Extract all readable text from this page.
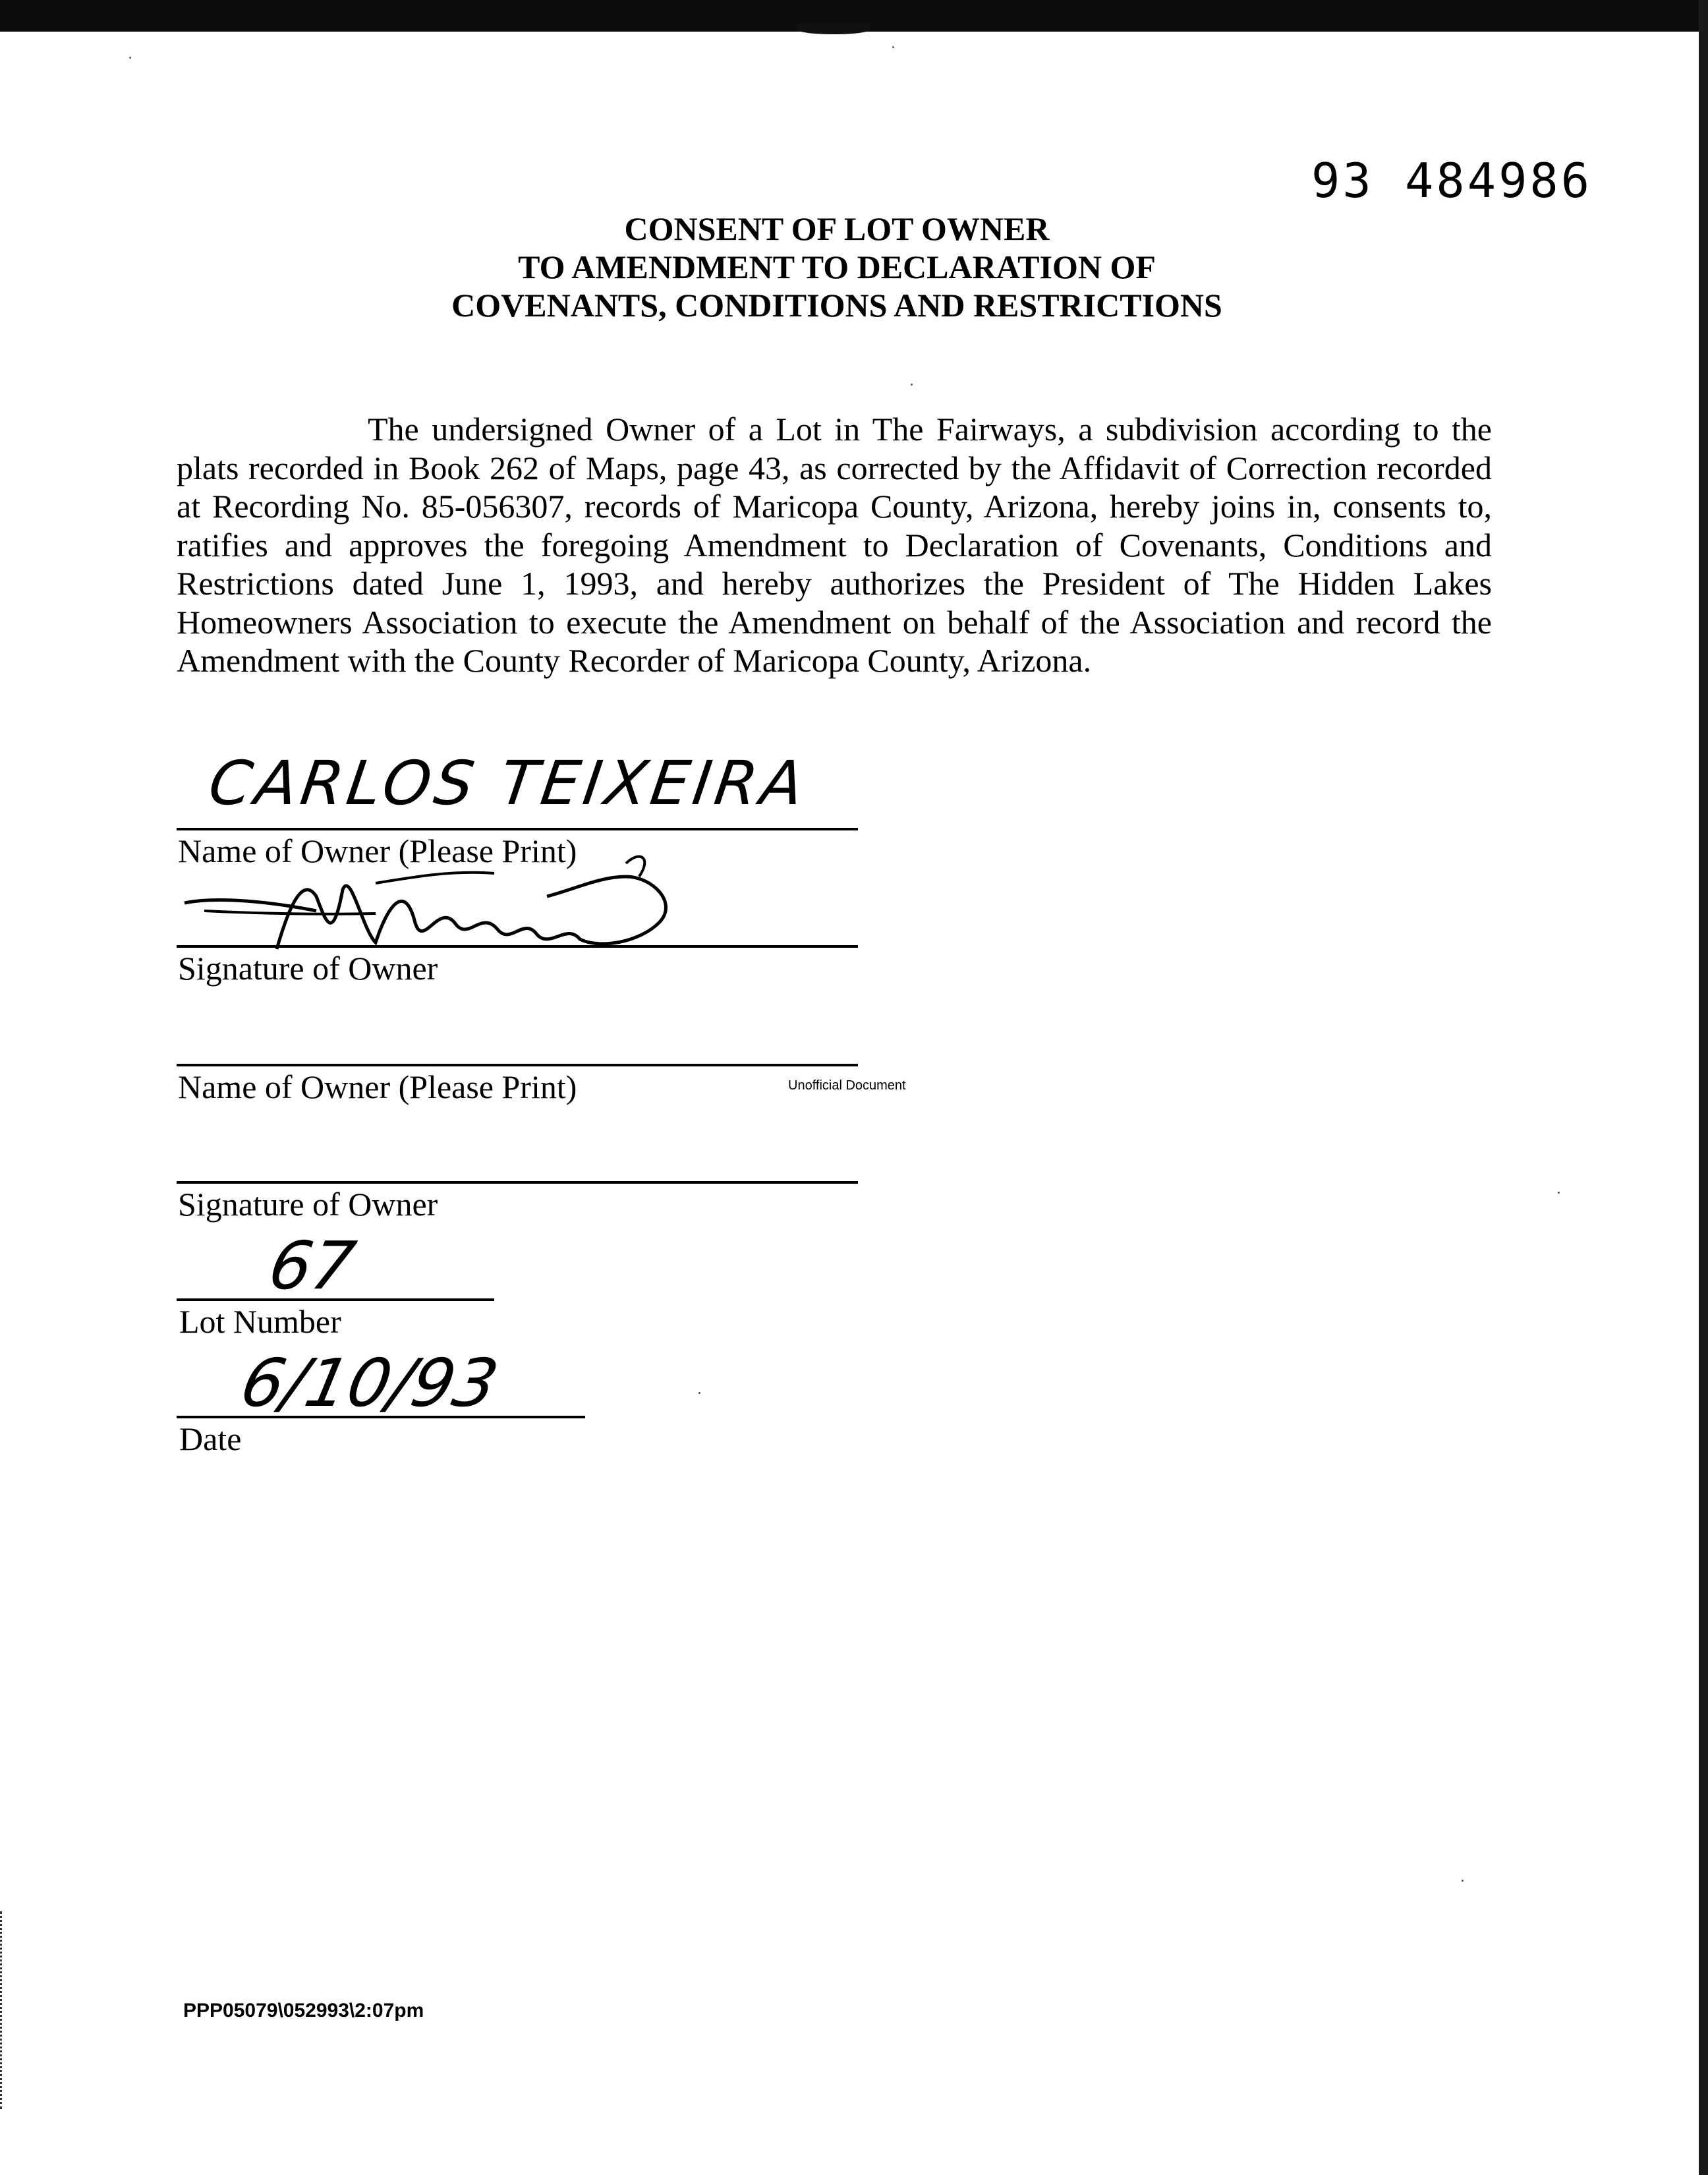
93 484986
CONSENT OF LOT OWNER
TO AMENDMENT TO DECLARATION OF
COVENANTS, CONDITIONS AND RESTRICTIONS
The undersigned Owner of a Lot in The Fairways, a subdivision according to the plats recorded in Book 262 of Maps, page 43, as corrected by the Affidavit of Correction recorded at Recording No. 85-056307, records of Maricopa County, Arizona, hereby joins in, consents to, ratifies and approves the foregoing Amendment to Declaration of Covenants, Conditions and Restrictions dated June 1, 1993, and hereby authorizes the President of The Hidden Lakes Homeowners Association to execute the Amendment on behalf of the Association and record the Amendment with the County Recorder of Maricopa County, Arizona.
CARLOS TEIXEIRA
Name of Owner (Please Print)
Signature of Owner
Name of Owner (Please Print)	Unofficial Document
Signature of Owner
67
Lot Number
6/10/93
Date
PPP05079\052993\2:07pm
